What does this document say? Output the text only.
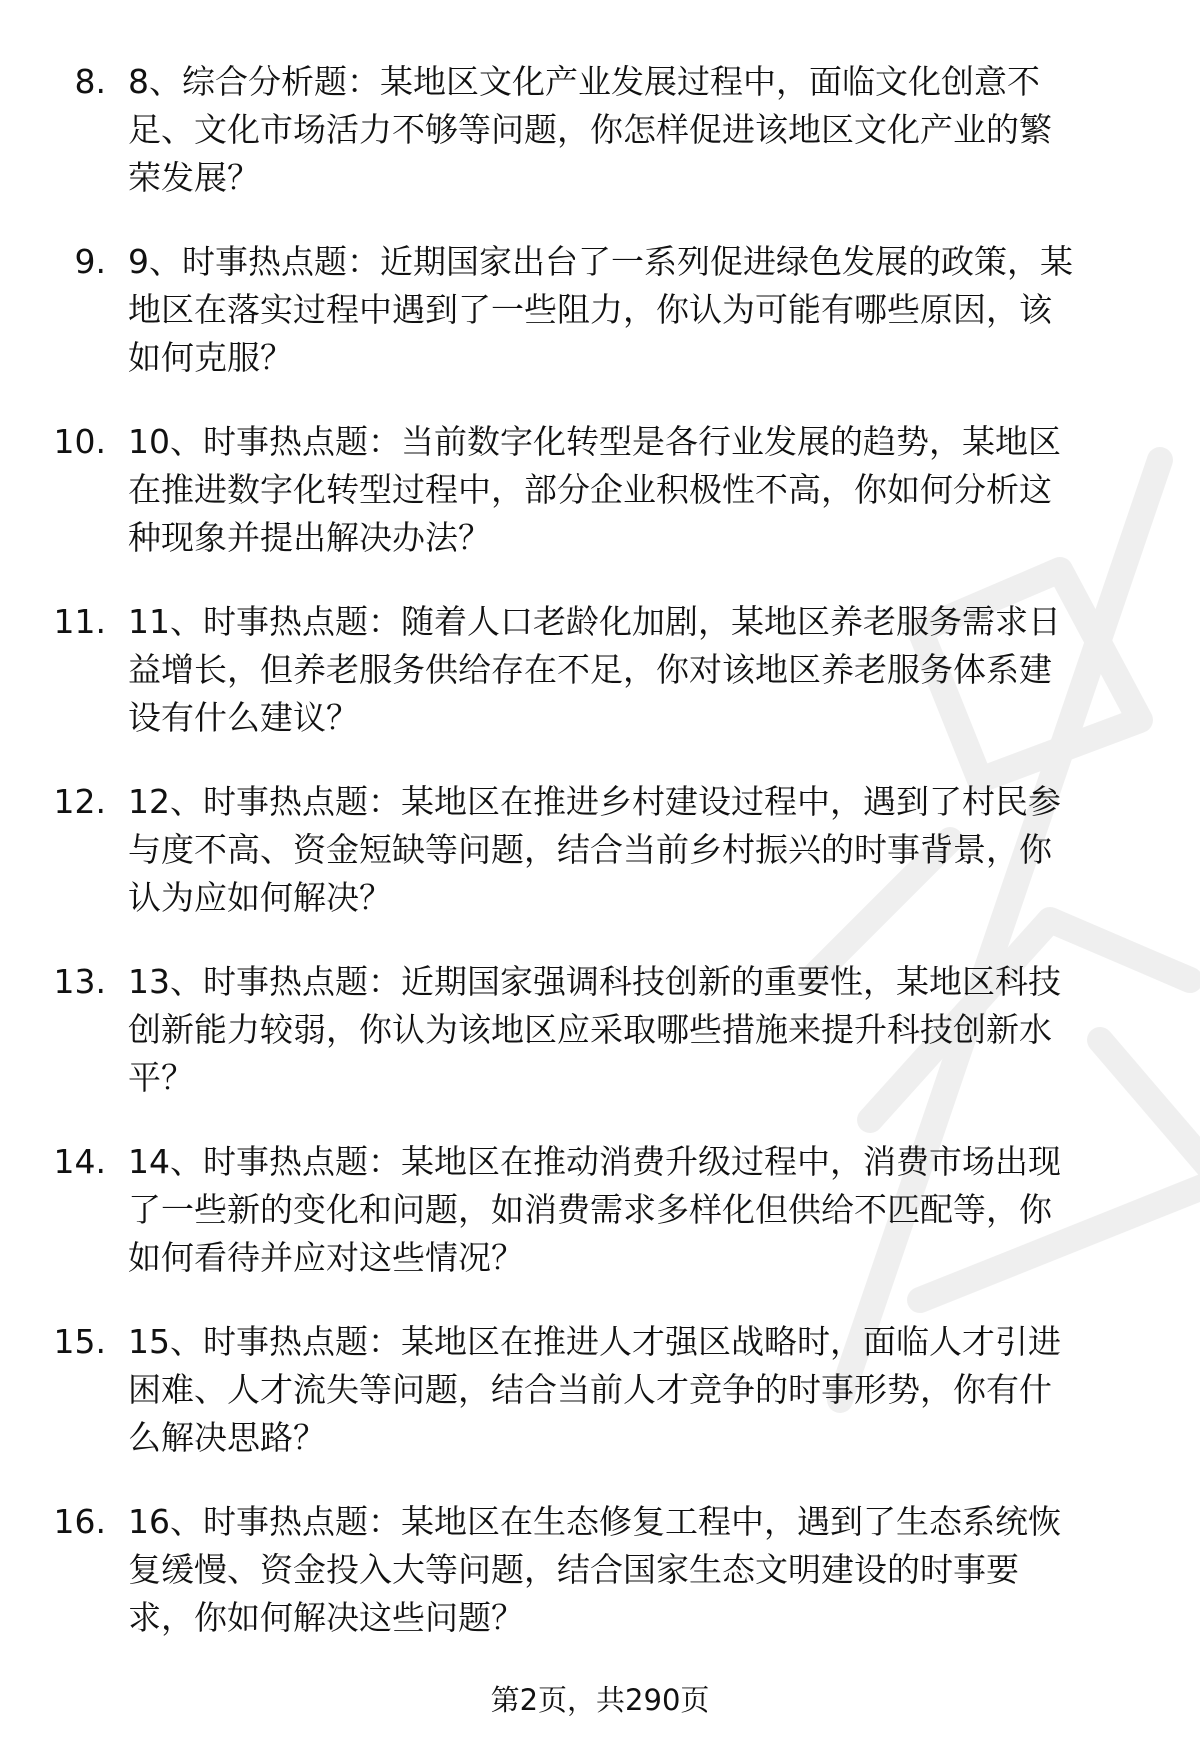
8. 8、综合分析题：某地区文化产业发展过程中，面临文化创意不
足、文化市场活力不够等问题，你怎样促进该地区文化产业的繁
荣发展？
9. 9、时事热点题：近期国家出台了一系列促进绿色发展的政策，某
地区在落实过程中遇到了一些阻力，你认为可能有哪些原因，该
如何克服？
10. 10、时事热点题：当前数字化转型是各行业发展的趋势，某地区
在推进数字化转型过程中，部分企业积极性不高，你如何分析这
种现象并提出解决办法？
11. 11、时事热点题：随着人口老龄化加剧，某地区养老服务需求日
益增长，但养老服务供给存在不足，你对该地区养老服务体系建
设有什么建议？
12. 12、时事热点题：某地区在推进乡村建设过程中，遇到了村民参
与度不高、资金短缺等问题，结合当前乡村振兴的时事背景，你
认为应如何解决？
13. 13、时事热点题：近期国家强调科技创新的重要性，某地区科技
创新能力较弱，你认为该地区应采取哪些措施来提升科技创新水
平？
14. 14、时事热点题：某地区在推动消费升级过程中，消费市场出现
了一些新的变化和问题，如消费需求多样化但供给不匹配等，你
如何看待并应对这些情况？
15. 15、时事热点题：某地区在推进人才强区战略时，面临人才引进
困难、人才流失等问题，结合当前人才竞争的时事形势，你有什
么解决思路？
16. 16、时事热点题：某地区在生态修复工程中，遇到了生态系统恢
复缓慢、资金投入大等问题，结合国家生态文明建设的时事要
求，你如何解决这些问题？
第2页，共290页
